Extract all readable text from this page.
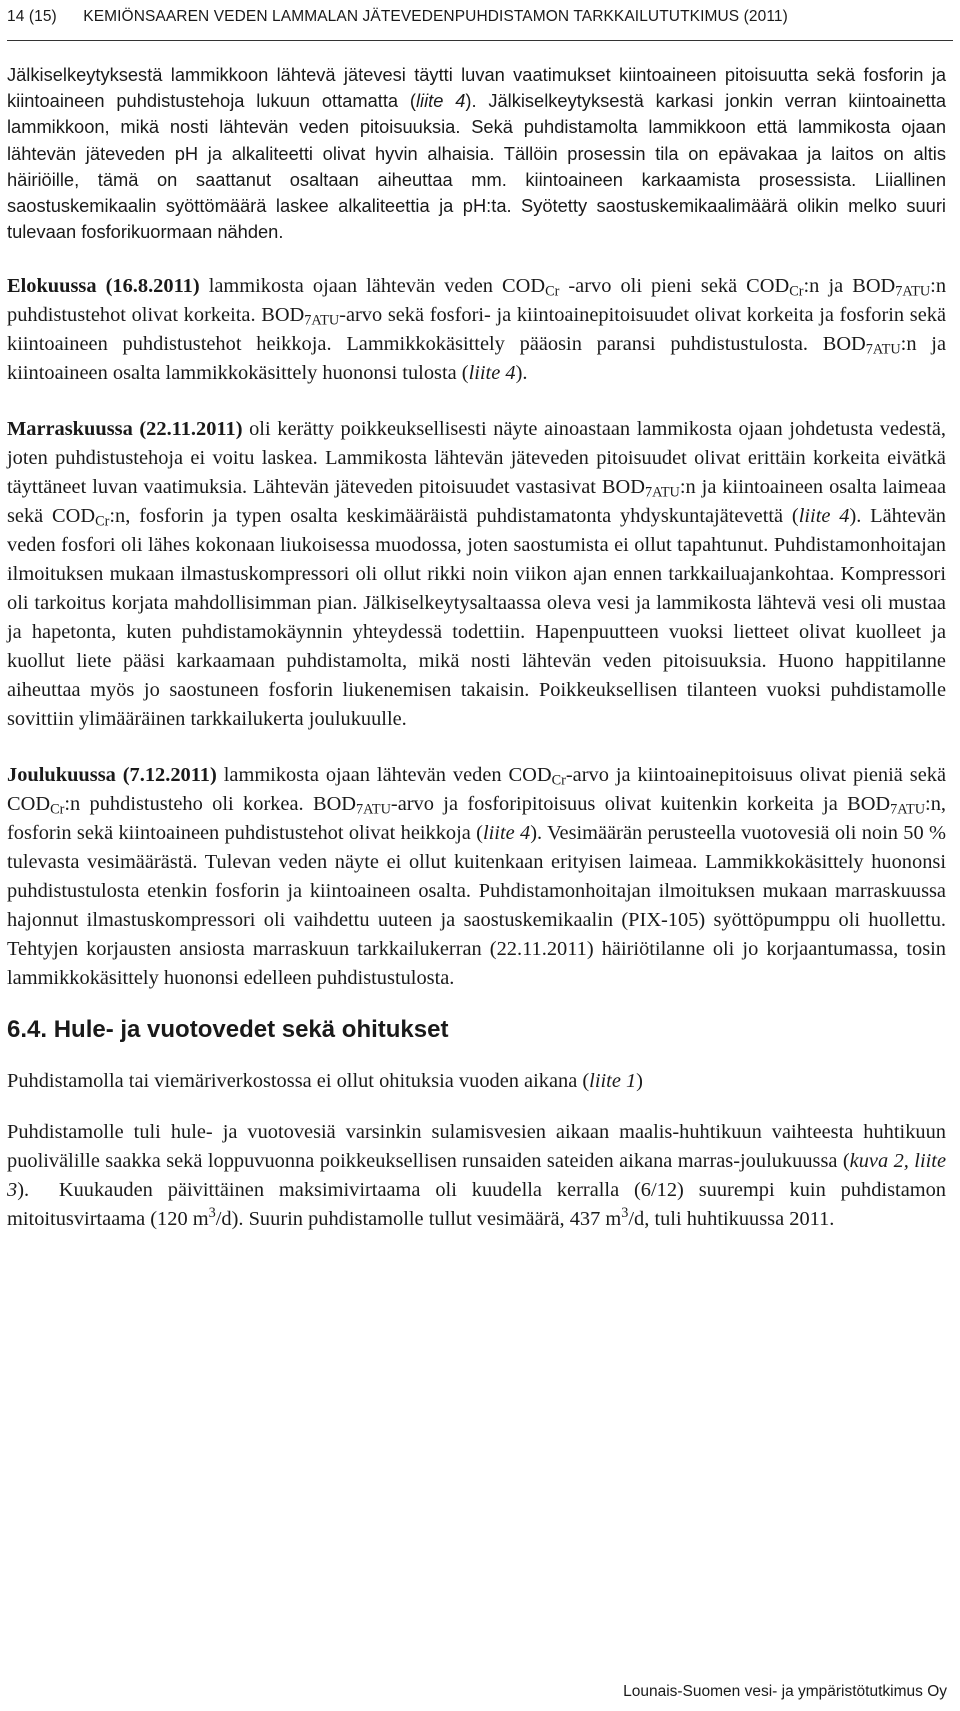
14 (15)      KEMIÖNSAAREN VEDEN LAMMALAN JÄTEVEDENPUHDISTAMON TARKKAILUTUTKIMUS (2011)

Jälkiselkeytyksestä lammikkoon lähtevä jätevesi täytti luvan vaatimukset kiintoaineen pitoisuutta sekä fosforin ja kiintoaineen puhdistustehoja lukuun ottamatta (liite 4). Jälkiselkeytyksestä karkasi jonkin verran kiintoainetta lammikkoon, mikä nosti lähtevän veden pitoisuuksia. Sekä puhdistamolta lammikkoon että lammikosta ojaan lähtevän jäteveden pH ja alkaliteetti olivat hyvin alhaisia. Tällöin prosessin tila on epävakaa ja laitos on altis häiriöille, tämä on saattanut osaltaan aiheuttaa mm. kiintoaineen karkaamista prosessista. Liiallinen saostuskemikaalin syöttömäärä laskee alkaliteettia ja pH:ta. Syötetty saostuskemikaalimäärä olikin melko suuri tulevaan fosforikuormaan nähden.

Elokuussa (16.8.2011) lammikosta ojaan lähtevän veden $COD_{Cr}$ -arvo oli pieni sekä $COD_{Cr}:n$ ja $BOD_{7ATU}:n$ puhdistustehot olivat korkeita. $BOD_{7ATU}$-arvo sekä fosfori- ja kiintoainepitoisuudet olivat korkeita ja fosforin sekä kiintoaineen puhdistustehot heikkoja. Lammikkokäsittely pääosin paransi puhdistustulosta. $BOD_{7ATU}:n$ ja kiintoaineen osalta lammikkokäsittely huononsi tulosta (liite 4).

Marraskuussa (22.11.2011) oli kerätty poikkeuksellisesti näyte ainoastaan lammikosta ojaan johdetusta vedestä, joten puhdistustehoja ei voitu laskea. Lammikosta lähtevän jäteveden pitoisuudet olivat erittäin korkeita eivätkä täyttäneet luvan vaatimuksia. Lähtevän jäteveden pitoisuudet vastasivat $BOD_{7ATU}:n$ ja kiintoaineen osalta laimeaa sekä $COD_{Cr}:n$, fosforin ja typen osalta keskimääräistä puhdistamatonta yhdyskuntajätevettä (liite 4). Lähtevän veden fosfori oli lähes kokonaan liukoisessa muodossa, joten saostumista ei ollut tapahtunut. Puhdistamonhoitajan ilmoituksen mukaan ilmastuskompressori oli ollut rikki noin viikon ajan ennen tarkkailuajankohtaa. Kompressori oli tarkoitus korjata mahdollisimman pian. Jälkiselkeytysaltaassa oleva vesi ja lammikosta lähtevä vesi oli mustaa ja hapetonta, kuten puhdistamokäynnin yhteydessä todettiin. Hapenpuutteen vuoksi lietteet olivat kuolleet ja kuollut liete pääsi karkaamaan puhdistamolta, mikä nosti lähtevän veden pitoisuuksia. Huono happitilanne aiheuttaa myös jo saostuneen fosforin liukenemisen takaisin. Poikkeuksellisen tilanteen vuoksi puhdistamolle sovittiin ylimääräinen tarkkailukerta joulukuulle.

Joulukuussa (7.12.2011) lammikosta ojaan lähtevän veden $COD_{Cr}$-arvo ja kiintoainepitoisuus olivat pieniä sekä $COD_{Cr}:n$ puhdistusteho oli korkea. $BOD_{7ATU}$-arvo ja fosforipitoisuus olivat kuitenkin korkeita ja $BOD_{7ATU}:n$, fosforin sekä kiintoaineen puhdistustehot olivat heikkoja (liite 4). Vesimäärän perusteella vuotovesiä oli noin 50 % tulevasta vesimäärästä. Tulevan veden näyte ei ollut kuitenkaan erityisen laimeaa. Lammikkokäsittely huononsi puhdistustulosta etenkin fosforin ja kiintoaineen osalta. Puhdistamonhoitajan ilmoituksen mukaan marraskuussa hajonnut ilmastuskompressori oli vaihdettu uuteen ja saostuskemikaalin (PIX-105) syöttöpumppu oli huollettu. Tehtyjen korjausten ansiosta marraskuun tarkkailukerran (22.11.2011) häiriötilanne oli jo korjaantumassa, tosin lammikkokäsittely huononsi edelleen puhdistustulosta.

6.4. Hule- ja vuotovedet sekä ohitukset

Puhdistamolla tai viemäriverkostossa ei ollut ohituksia vuoden aikana (liite 1)

Puhdistamolle tuli hule- ja vuotovesiä varsinkin sulamisvesien aikaan maalis-huhtikuun vaihteesta huhtikuun puolivälille saakka sekä loppuvuonna poikkeuksellisen runsaiden sateiden aikana marras-joulukuussa (kuva 2, liite 3).  Kuukauden päivittäinen maksimivirtaama oli kuudella kerralla (6/12) suurempi kuin puhdistamon mitoitusvirtaama (120 $m^3/d$). Suurin puhdistamolle tullut vesimäärä, 437 $m^3/d$, tuli huhtikuussa 2011.

Lounais-Suomen vesi- ja ympäristötutkimus Oy
